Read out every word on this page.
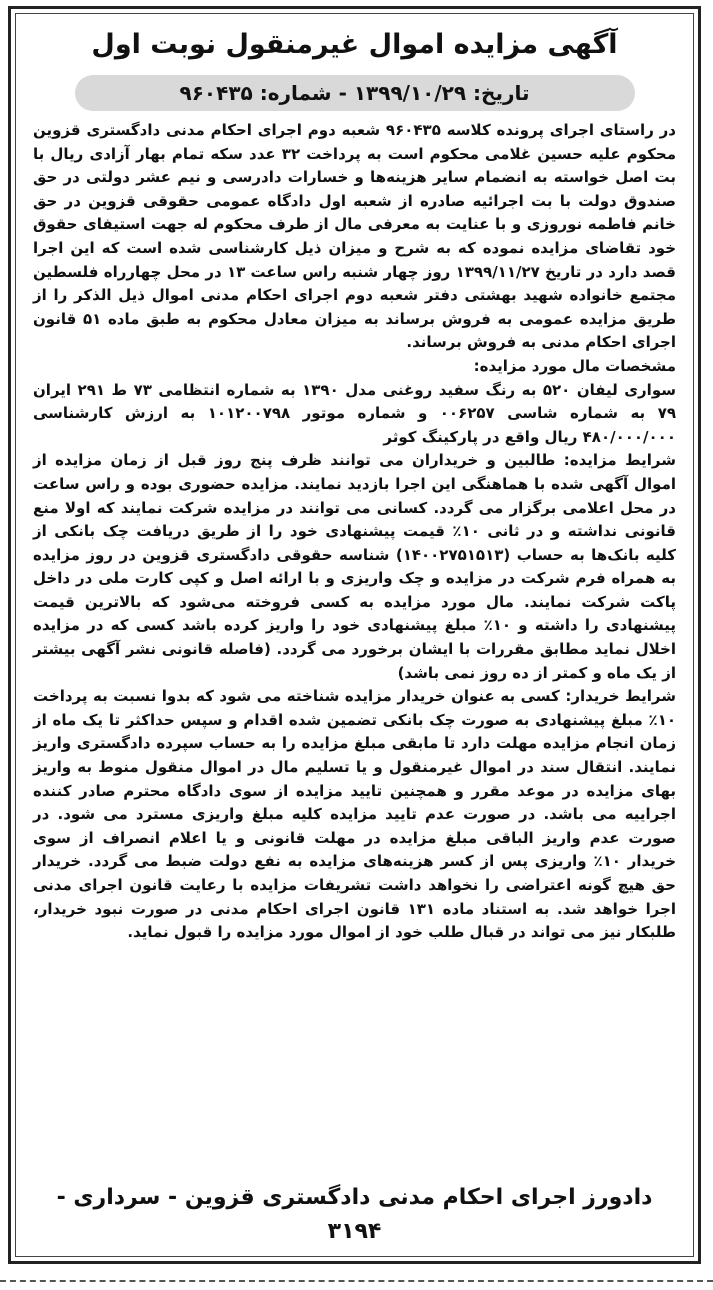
آگهی مزایده اموال غیرمنقول نوبت اول
تاریخ: ۱۳۹۹/۱۰/۲۹ - شماره: ۹۶۰۴۳۵

در راستای اجرای پرونده کلاسه ۹۶۰۴۳۵ شعبه دوم اجرای احکام مدنی دادگستری قزوین محکوم علیه حسین غلامی محکوم است به پرداخت ۳۲ عدد سکه تمام بهار آزادی ریال با بت اصل خواسته به انضمام سایر هزینه‌ها و خسارات دادرسی و نیم عشر دولتی در حق صندوق دولت با بت اجرائیه صادره از شعبه اول دادگاه عمومی حقوقی قزوین در حق خانم فاطمه نوروزی و با عنایت به معرفی مال از طرف محکوم له جهت استیفای حقوق خود تقاضای مزایده نموده که به شرح و میزان ذیل کارشناسی شده است که این اجرا قصد دارد در تاریخ ۱۳۹۹/۱۱/۲۷ روز چهار شنبه راس ساعت ۱۳ در محل چهارراه فلسطین مجتمع خانواده شهید بهشتی دفتر شعبه دوم اجرای احکام مدنی اموال ذیل الذکر را از طریق مزایده عمومی به فروش برساند به میزان معادل محکوم به طبق ماده ۵۱ قانون اجرای احکام مدنی به فروش برساند.

مشخصات مال مورد مزایده:

سواری لیفان ۵۲۰ به رنگ سفید روغنی مدل ۱۳۹۰ به شماره انتظامی ۷۳ ط ۲۹۱ ایران ۷۹ به شماره شاسی ۰۰۶۲۵۷ و شماره موتور ۱۰۱۲۰۰۷۹۸ به ارزش کارشناسی ۴۸۰/۰۰۰/۰۰۰ ریال واقع در پارکینگ کوثر

شرایط مزایده: طالبین و خریداران می توانند ظرف پنج روز قبل از زمان مزایده از اموال آگهی شده با هماهنگی این اجرا بازدید نمایند. مزایده حضوری بوده و راس ساعت در محل اعلامی برگزار می گردد. کسانی می توانند در مزایده شرکت نمایند که اولا منع قانونی نداشته و در ثانی ۱۰٪ قیمت پیشنهادی خود را از طریق دریافت چک بانکی از کلیه بانک‌ها به حساب (۱۴۰۰۲۷۵۱۵۱۳) شناسه حقوقی دادگستری قزوین در روز مزایده به همراه فرم شرکت در مزایده و چک واریزی و با ارائه اصل و کپی کارت ملی در داخل پاکت شرکت نمایند. مال مورد مزایده به کسی فروخته می‌شود که بالاترین قیمت پیشنهادی را داشته و ۱۰٪ مبلغ پیشنهادی خود را واریز کرده باشد کسی که در مزایده اخلال نماید مطابق مقررات با ایشان برخورد می گردد. (فاصله قانونی نشر آگهی بیشتر از یک ماه و کمتر از ده روز نمی باشد)

شرایط خریدار: کسی به عنوان خریدار مزایده شناخته می شود که بدوا نسبت به پرداخت ۱۰٪ مبلغ پیشنهادی به صورت چک بانکی تضمین شده اقدام و سپس حداکثر تا یک ماه از زمان انجام مزایده مهلت دارد تا مابقی مبلغ مزایده را به حساب سپرده دادگستری واریز نمایند. انتقال سند در اموال غیرمنقول و یا تسلیم مال در اموال منقول منوط به واریز بهای مزایده در موعد مقرر و همچنین تایید مزایده از سوی دادگاه محترم صادر کننده اجراییه می باشد. در صورت عدم تایید مزایده کلیه مبلغ واریزی مسترد می شود. در صورت عدم واریز الباقی مبلغ مزایده در مهلت قانونی و یا اعلام انصراف از سوی خریدار ۱۰٪ واریزی پس از کسر هزینه‌های مزایده به نفع دولت ضبط می گردد. خریدار حق هیچ گونه اعتراضی را نخواهد داشت تشریفات مزایده با رعایت قانون اجرای مدنی اجرا خواهد شد. به استناد ماده ۱۳۱ قانون اجرای احکام مدنی در صورت نبود خریدار، طلبکار نیز می تواند در قبال طلب خود از اموال مورد مزایده را قبول نماید.

دادورز اجرای احکام مدنی دادگستری قزوین - سرداری - ۳۱۹۴
